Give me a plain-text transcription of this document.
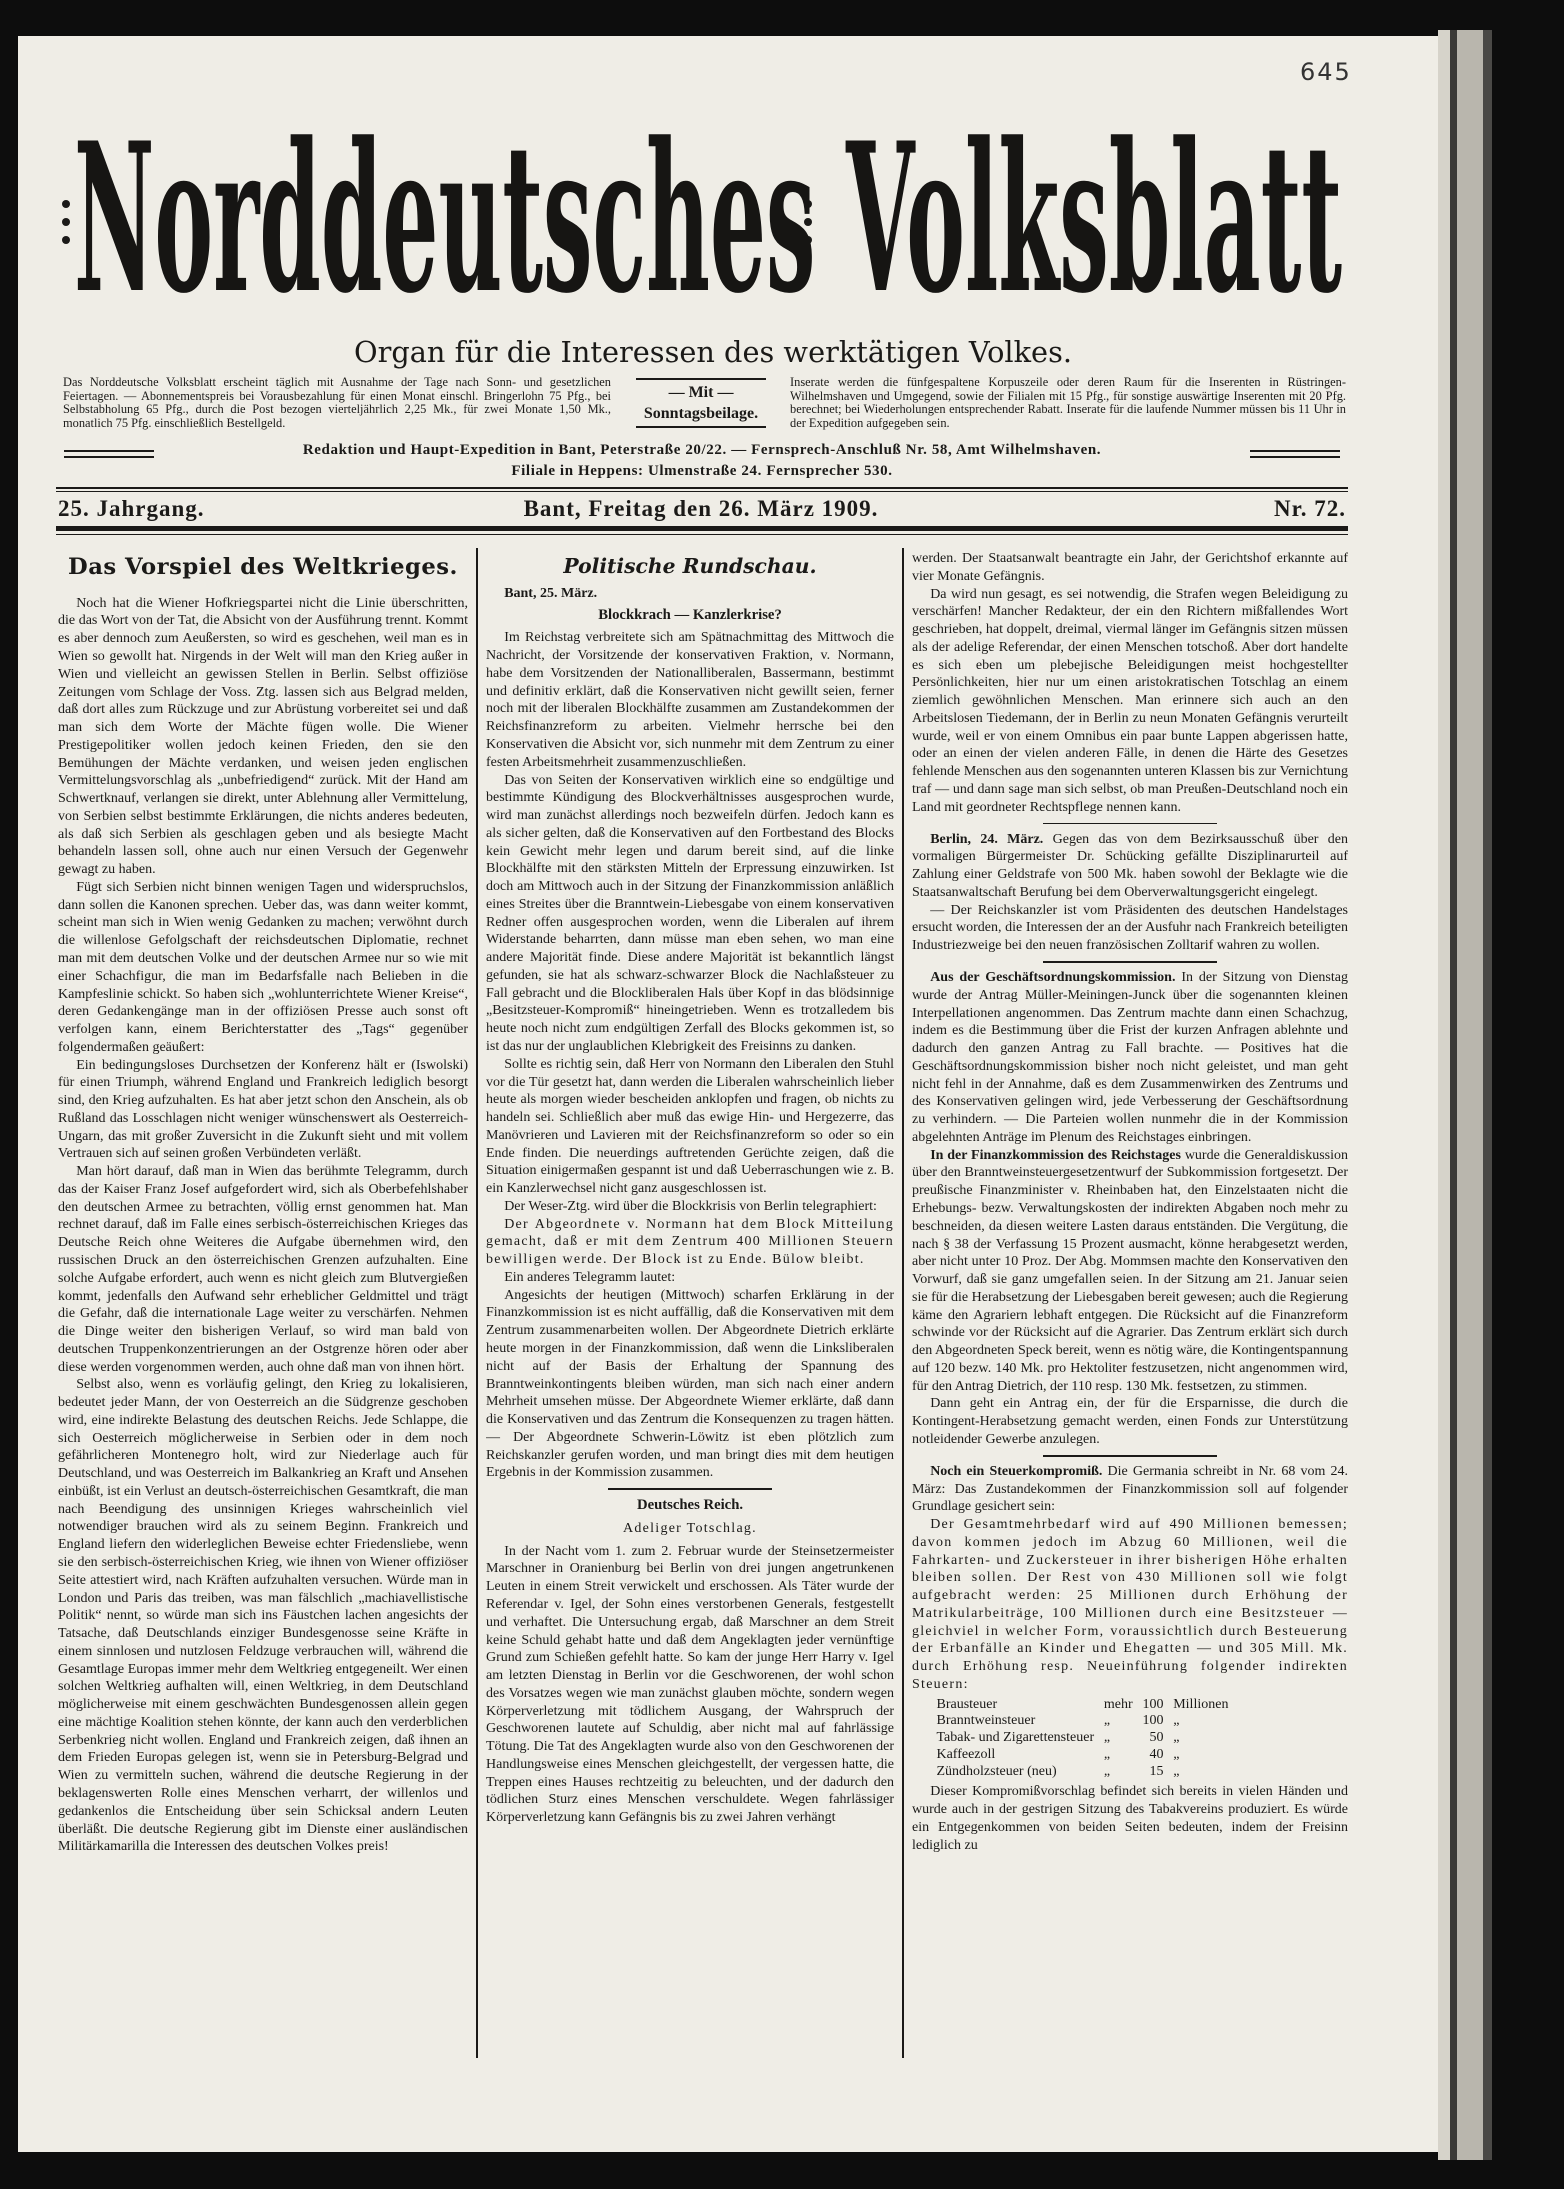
645
Norddeutsches Volksblatt
Organ für die Interessen des werktätigen Volkes.
Das Norddeutsche Volksblatt erscheint täglich mit Ausnahme der Tage nach Sonn- und gesetzlichen Feiertagen. — Abonnementspreis bei Vorausbezahlung für einen Monat einschl. Bringerlohn 75 Pfg., bei Selbstabholung 65 Pfg., durch die Post bezogen vierteljährlich 2,25 Mk., für zwei Monate 1,50 Mk., monatlich 75 Pfg. einschließlich Bestellgeld.
— Mit —
Sonntagsbeilage.
Inserate werden die fünfgespaltene Korpuszeile oder deren Raum für die Inserenten in Rüstringen-Wilhelmshaven und Umgegend, sowie der Filialen mit 15 Pfg., für sonstige auswärtige Inserenten mit 20 Pfg. berechnet; bei Wiederholungen entsprechender Rabatt. Inserate für die laufende Nummer müssen bis 11 Uhr in der Expedition aufgegeben sein.
Redaktion und Haupt-Expedition in Bant, Peterstraße 20/22. — Fernsprech-Anschluß Nr. 58, Amt Wilhelmshaven.
Filiale in Heppens: Ulmenstraße 24. Fernsprecher 530.
25. Jahrgang.	Bant, Freitag den 26. März 1909.	Nr. 72.
Das Vorspiel des Weltkrieges.

Noch hat die Wiener Hofkriegspartei nicht die Linie überschritten, die das Wort von der Tat, die Absicht von der Ausführung trennt. Kommt es aber dennoch zum Aeußersten, so wird es geschehen, weil man es in Wien so gewollt hat. Nirgends in der Welt will man den Krieg außer in Wien und vielleicht an gewissen Stellen in Berlin. Selbst offiziöse Zeitungen vom Schlage der Voss. Ztg. lassen sich aus Belgrad melden, daß dort alles zum Rückzuge und zur Abrüstung vorbereitet sei und daß man sich dem Worte der Mächte fügen wolle. Die Wiener Prestigepolitiker wollen jedoch keinen Frieden, den sie den Bemühungen der Mächte verdanken, und weisen jeden englischen Vermittelungsvorschlag als „unbefriedigend“ zurück. Mit der Hand am Schwertknauf, verlangen sie direkt, unter Ablehnung aller Vermittelung, von Serbien selbst bestimmte Erklärungen, die nichts anderes bedeuten, als daß sich Serbien als geschlagen geben und als besiegte Macht behandeln lassen soll, ohne auch nur einen Versuch der Gegenwehr gewagt zu haben.

Fügt sich Serbien nicht binnen wenigen Tagen und widerspruchslos, dann sollen die Kanonen sprechen. Ueber das, was dann weiter kommt, scheint man sich in Wien wenig Gedanken zu machen; verwöhnt durch die willenlose Gefolgschaft der reichsdeutschen Diplomatie, rechnet man mit dem deutschen Volke und der deutschen Armee nur so wie mit einer Schachfigur, die man im Bedarfsfalle nach Belieben in die Kampfeslinie schickt. So haben sich „wohlunterrichtete Wiener Kreise“, deren Gedankengänge man in der offiziösen Presse auch sonst oft verfolgen kann, einem Berichterstatter des „Tags“ gegenüber folgendermaßen geäußert:

Ein bedingungsloses Durchsetzen der Konferenz hält er (Iswolski) für einen Triumph, während England und Frankreich lediglich besorgt sind, den Krieg aufzuhalten. Es hat aber jetzt schon den Anschein, als ob Rußland das Losschlagen nicht weniger wünschenswert als Oesterreich-Ungarn, das mit großer Zuversicht in die Zukunft sieht und mit vollem Vertrauen sich auf seinen großen Verbündeten verläßt.

Man hört darauf, daß man in Wien das berühmte Telegramm, durch das der Kaiser Franz Josef aufgefordert wird, sich als Oberbefehlshaber den deutschen Armee zu betrachten, völlig ernst genommen hat. Man rechnet darauf, daß im Falle eines serbisch-österreichischen Krieges das Deutsche Reich ohne Weiteres die Aufgabe übernehmen wird, den russischen Druck an den österreichischen Grenzen aufzuhalten. Eine solche Aufgabe erfordert, auch wenn es nicht gleich zum Blutvergießen kommt, jedenfalls den Aufwand sehr erheblicher Geldmittel und trägt die Gefahr, daß die internationale Lage weiter zu verschärfen. Nehmen die Dinge weiter den bisherigen Verlauf, so wird man bald von deutschen Truppenkonzentrierungen an der Ostgrenze hören oder aber diese werden vorgenommen werden, auch ohne daß man von ihnen hört.

Selbst also, wenn es vorläufig gelingt, den Krieg zu lokalisieren, bedeutet jeder Mann, der von Oesterreich an die Südgrenze geschoben wird, eine indirekte Belastung des deutschen Reichs. Jede Schlappe, die sich Oesterreich möglicherweise in Serbien oder in dem noch gefährlicheren Montenegro holt, wird zur Niederlage auch für Deutschland, und was Oesterreich im Balkankrieg an Kraft und Ansehen einbüßt, ist ein Verlust an deutsch-österreichischen Gesamtkraft, die man nach Beendigung des unsinnigen Krieges wahrscheinlich viel notwendiger brauchen wird als zu seinem Beginn. Frankreich und England liefern den widerleglichen Beweise echter Friedensliebe, wenn sie den serbisch-österreichischen Krieg, wie ihnen von Wiener offiziöser Seite attestiert wird, nach Kräften aufzuhalten versuchen. Würde man in London und Paris das treiben, was man fälschlich „machiavellistische Politik“ nennt, so würde man sich ins Fäustchen lachen angesichts der Tatsache, daß Deutschlands einziger Bundesgenosse seine Kräfte in einem sinnlosen und nutzlosen Feldzuge verbrauchen will, während die Gesamtlage Europas immer mehr dem Weltkrieg entgegeneilt. Wer einen solchen Weltkrieg aufhalten will, einen Weltkrieg, in dem Deutschland möglicherweise mit einem geschwächten Bundesgenossen allein gegen eine mächtige Koalition stehen könnte, der kann auch den verderblichen Serbenkrieg nicht wollen. England und Frankreich zeigen, daß ihnen an dem Frieden Europas gelegen ist, wenn sie in Petersburg-Belgrad und Wien zu vermitteln suchen, während die deutsche Regierung in der beklagenswerten Rolle eines Menschen verharrt, der willenlos und gedankenlos die Entscheidung über sein Schicksal andern Leuten überläßt. Die deutsche Regierung gibt im Dienste einer ausländischen Militärkamarilla die Interessen des deutschen Volkes preis!

Politische Rundschau.

Bant, 25. März.

Blockkrach — Kanzlerkrise?

Im Reichstag verbreitete sich am Spätnachmittag des Mittwoch die Nachricht, der Vorsitzende der konservativen Fraktion, v. Normann, habe dem Vorsitzenden der Nationalliberalen, Bassermann, bestimmt und definitiv erklärt, daß die Konservativen nicht gewillt seien, ferner noch mit der liberalen Blockhälfte zusammen am Zustandekommen der Reichsfinanzreform zu arbeiten. Vielmehr herrsche bei den Konservativen die Absicht vor, sich nunmehr mit dem Zentrum zu einer festen Arbeitsmehrheit zusammenzuschließen.

Das von Seiten der Konservativen wirklich eine so endgültige und bestimmte Kündigung des Blockverhältnisses ausgesprochen wurde, wird man zunächst allerdings noch bezweifeln dürfen. Jedoch kann es als sicher gelten, daß die Konservativen auf den Fortbestand des Blocks kein Gewicht mehr legen und darum bereit sind, auf die linke Blockhälfte mit den stärksten Mitteln der Erpressung einzuwirken. Ist doch am Mittwoch auch in der Sitzung der Finanzkommission anläßlich eines Streites über die Branntwein-Liebesgabe von einem konservativen Redner offen ausgesprochen worden, wenn die Liberalen auf ihrem Widerstande beharrten, dann müsse man eben sehen, wo man eine andere Majorität finde. Diese andere Majorität ist bekanntlich längst gefunden, sie hat als schwarz-schwarzer Block die Nachlaßsteuer zu Fall gebracht und die Blockliberalen Hals über Kopf in das blödsinnige „Besitzsteuer-Kompromiß“ hineingetrieben. Wenn es trotzalledem bis heute noch nicht zum endgültigen Zerfall des Blocks gekommen ist, so ist das nur der unglaublichen Klebrigkeit des Freisinns zu danken.

Sollte es richtig sein, daß Herr von Normann den Liberalen den Stuhl vor die Tür gesetzt hat, dann werden die Liberalen wahrscheinlich lieber heute als morgen wieder bescheiden anklopfen und fragen, ob nichts zu handeln sei. Schließlich aber muß das ewige Hin- und Hergezerre, das Manövrieren und Lavieren mit der Reichsfinanzreform so oder so ein Ende finden. Die neuerdings auftretenden Gerüchte zeigen, daß die Situation einigermaßen gespannt ist und daß Ueberraschungen wie z. B. ein Kanzlerwechsel nicht ganz ausgeschlossen ist.

Der Weser-Ztg. wird über die Blockkrisis von Berlin telegraphiert:

Der Abgeordnete v. Normann hat dem Block Mitteilung gemacht, daß er mit dem Zentrum 400 Millionen Steuern bewilligen werde. Der Block ist zu Ende. Bülow bleibt.

Ein anderes Telegramm lautet:

Angesichts der heutigen (Mittwoch) scharfen Erklärung in der Finanzkommission ist es nicht auffällig, daß die Konservativen mit dem Zentrum zusammenarbeiten wollen. Der Abgeordnete Dietrich erklärte heute morgen in der Finanzkommission, daß wenn die Linksliberalen nicht auf der Basis der Erhaltung der Spannung des Branntweinkontingents bleiben würden, man sich nach einer andern Mehrheit umsehen müsse. Der Abgeordnete Wiemer erklärte, daß dann die Konservativen und das Zentrum die Konsequenzen zu tragen hätten. — Der Abgeordnete Schwerin-Löwitz ist eben plötzlich zum Reichskanzler gerufen worden, und man bringt dies mit dem heutigen Ergebnis in der Kommission zusammen.

Deutsches Reich.
Adeliger Totschlag.

In der Nacht vom 1. zum 2. Februar wurde der Steinsetzermeister Marschner in Oranienburg bei Berlin von drei jungen angetrunkenen Leuten in einem Streit verwickelt und erschossen. Als Täter wurde der Referendar v. Igel, der Sohn eines verstorbenen Generals, festgestellt und verhaftet. Die Untersuchung ergab, daß Marschner an dem Streit keine Schuld gehabt hatte und daß dem Angeklagten jeder vernünftige Grund zum Schießen gefehlt hatte. So kam der junge Herr Harry v. Igel am letzten Dienstag in Berlin vor die Geschworenen, der wohl schon des Vorsatzes wegen wie man zunächst glauben möchte, sondern wegen Körperverletzung mit tödlichem Ausgang, der Wahrspruch der Geschworenen lautete auf Schuldig, aber nicht mal auf fahrlässige Tötung. Die Tat des Angeklagten wurde also von den Geschworenen der Handlungsweise eines Menschen gleichgestellt, der vergessen hatte, die Treppen eines Hauses rechtzeitig zu beleuchten, und der dadurch den tödlichen Sturz eines Menschen verschuldete. Wegen fahrlässiger Körperverletzung kann Gefängnis bis zu zwei Jahren verhängt

werden. Der Staatsanwalt beantragte ein Jahr, der Gerichtshof erkannte auf vier Monate Gefängnis.

Da wird nun gesagt, es sei notwendig, die Strafen wegen Beleidigung zu verschärfen! Mancher Redakteur, der ein den Richtern mißfallendes Wort geschrieben, hat doppelt, dreimal, viermal länger im Gefängnis sitzen müssen als der adelige Referendar, der einen Menschen totschoß. Aber dort handelte es sich eben um plebejische Beleidigungen meist hochgestellter Persönlichkeiten, hier nur um einen aristokratischen Totschlag an einem ziemlich gewöhnlichen Menschen. Man erinnere sich auch an den Arbeitslosen Tiedemann, der in Berlin zu neun Monaten Gefängnis verurteilt wurde, weil er von einem Omnibus ein paar bunte Lappen abgerissen hatte, oder an einen der vielen anderen Fälle, in denen die Härte des Gesetzes fehlende Menschen aus den sogenannten unteren Klassen bis zur Vernichtung traf — und dann sage man sich selbst, ob man Preußen-Deutschland noch ein Land mit geordneter Rechtspflege nennen kann.

Berlin, 24. März. Gegen das von dem Bezirksausschuß über den vormaligen Bürgermeister Dr. Schücking gefällte Disziplinarurteil auf Zahlung einer Geldstrafe von 500 Mk. haben sowohl der Beklagte wie die Staatsanwaltschaft Berufung bei dem Oberverwaltungsgericht eingelegt.

— Der Reichskanzler ist vom Präsidenten des deutschen Handelstages ersucht worden, die Interessen der an der Ausfuhr nach Frankreich beteiligten Industriezweige bei den neuen französischen Zolltarif wahren zu wollen.

Aus der Geschäftsordnungskommission. In der Sitzung von Dienstag wurde der Antrag Müller-Meiningen-Junck über die sogenannten kleinen Interpellationen angenommen. Das Zentrum machte dann einen Schachzug, indem es die Bestimmung über die Frist der kurzen Anfragen ablehnte und dadurch den ganzen Antrag zu Fall brachte. — Positives hat die Geschäftsordnungskommission bisher noch nicht geleistet, und man geht nicht fehl in der Annahme, daß es dem Zusammenwirken des Zentrums und des Konservativen gelingen wird, jede Verbesserung der Geschäftsordnung zu verhindern. — Die Parteien wollen nunmehr die in der Kommission abgelehnten Anträge im Plenum des Reichstages einbringen.

In der Finanzkommission des Reichstages wurde die Generaldiskussion über den Branntweinsteuergesetzentwurf der Subkommission fortgesetzt. Der preußische Finanzminister v. Rheinbaben hat, den Einzelstaaten nicht die Erhebungs- bezw. Verwaltungskosten der indirekten Abgaben noch mehr zu beschneiden, da diesen weitere Lasten daraus entständen. Die Vergütung, die nach § 38 der Verfassung 15 Prozent ausmacht, könne herabgesetzt werden, aber nicht unter 10 Proz. Der Abg. Mommsen machte den Konservativen den Vorwurf, daß sie ganz umgefallen seien. In der Sitzung am 21. Januar seien sie für die Herabsetzung der Liebesgaben bereit gewesen; auch die Regierung käme den Agrariern lebhaft entgegen. Die Rücksicht auf die Finanzreform schwinde vor der Rücksicht auf die Agrarier. Das Zentrum erklärt sich durch den Abgeordneten Speck bereit, wenn es nötig wäre, die Kontingentspannung auf 120 bezw. 140 Mk. pro Hektoliter festzusetzen, nicht angenommen wird, für den Antrag Dietrich, der 110 resp. 130 Mk. festsetzen, zu stimmen.

Dann geht ein Antrag ein, der für die Ersparnisse, die durch die Kontingent-Herabsetzung gemacht werden, einen Fonds zur Unterstützung notleidender Gewerbe anzulegen.

Noch ein Steuerkompromiß. Die Germania schreibt in Nr. 68 vom 24. März: Das Zustandekommen der Finanzkommission soll auf folgender Grundlage gesichert sein:

Der Gesamtmehrbedarf wird auf 490 Millionen bemessen; davon kommen jedoch im Abzug 60 Millionen, weil die Fahrkarten- und Zuckersteuer in ihrer bisherigen Höhe erhalten bleiben sollen. Der Rest von 430 Millionen soll wie folgt aufgebracht werden: 25 Millionen durch Erhöhung der Matrikularbeiträge, 100 Millionen durch eine Besitzsteuer — gleichviel in welcher Form, voraussichtlich durch Besteuerung der Erbanfälle an Kinder und Ehegatten — und 305 Mill. Mk. durch Erhöhung resp. Neueinführung folgender indirekten Steuern:

Brausteuer	mehr	100	Millionen
Branntweinsteuer	„	100	„
Tabak- und Zigarettensteuer	„	50	„
Kaffeezoll	„	40	„
Zündholzsteuer (neu)	„	15	„

Dieser Kompromißvorschlag befindet sich bereits in vielen Händen und wurde auch in der gestrigen Sitzung des Tabakvereins produziert. Es würde ein Entgegenkommen von beiden Seiten bedeuten, indem der Freisinn lediglich zu
